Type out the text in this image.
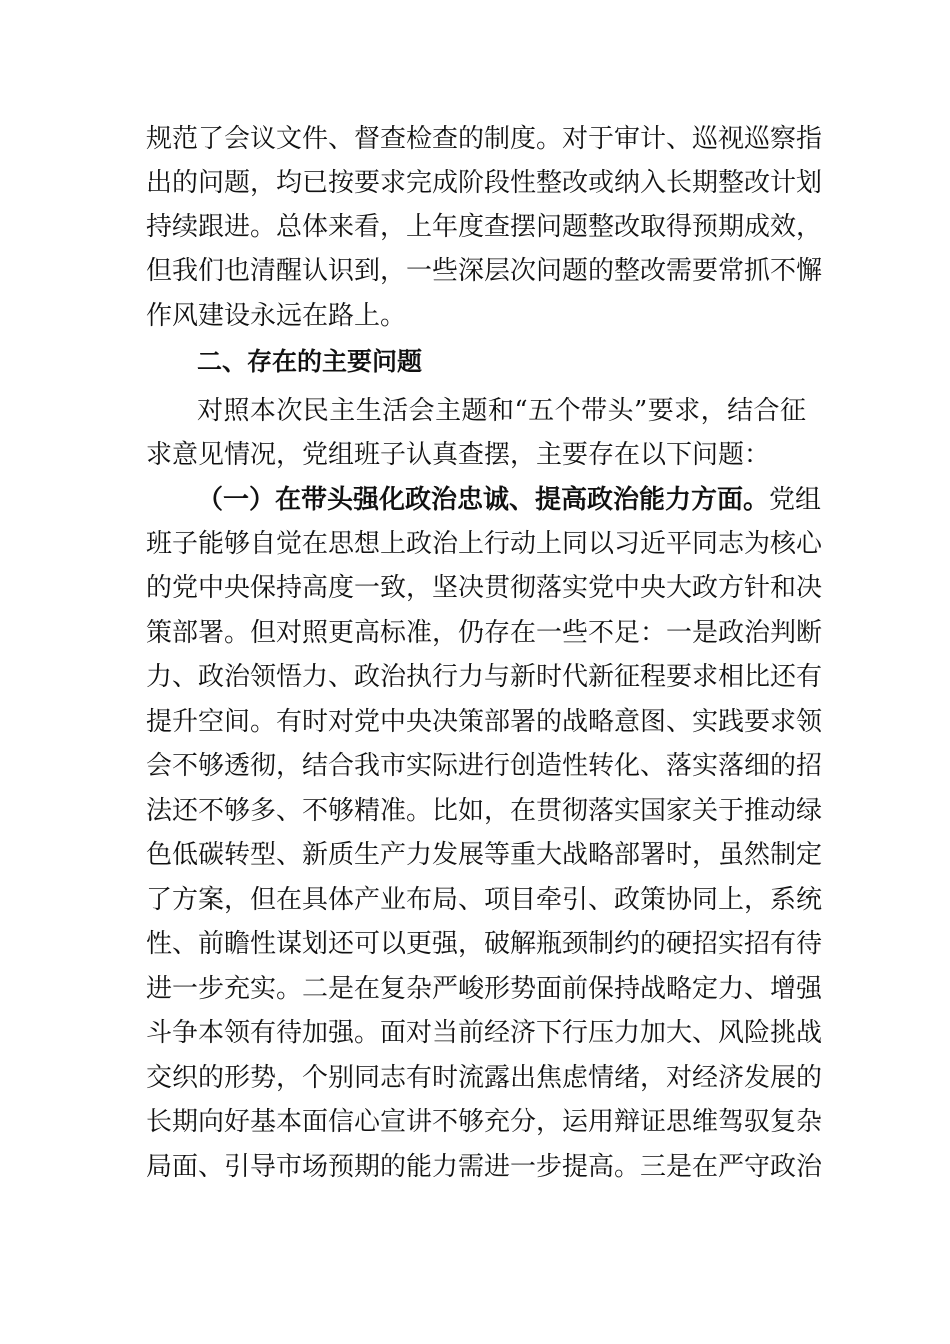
规范了会议文件、督查检查的制度。对于审计、巡视巡察指
出的问题，均已按要求完成阶段性整改或纳入长期整改计划
持续跟进。总体来看，上年度查摆问题整改取得预期成效，
但我们也清醒认识到，一些深层次问题的整改需要常抓不懈
作风建设永远在路上。
二、存在的主要问题
对照本次民主生活会主题和“五个带头”要求，结合征
求意见情况，党组班子认真查摆，主要存在以下问题：
（一）在带头强化政治忠诚、提高政治能力方面。党组
班子能够自觉在思想上政治上行动上同以习近平同志为核心
的党中央保持高度一致，坚决贯彻落实党中央大政方针和决
策部署。但对照更高标准，仍存在一些不足：一是政治判断
力、政治领悟力、政治执行力与新时代新征程要求相比还有
提升空间。有时对党中央决策部署的战略意图、实践要求领
会不够透彻，结合我市实际进行创造性转化、落实落细的招
法还不够多、不够精准。比如，在贯彻落实国家关于推动绿
色低碳转型、新质生产力发展等重大战略部署时，虽然制定
了方案，但在具体产业布局、项目牵引、政策协同上，系统
性、前瞻性谋划还可以更强，破解瓶颈制约的硬招实招有待
进一步充实。二是在复杂严峻形势面前保持战略定力、增强
斗争本领有待加强。面对当前经济下行压力加大、风险挑战
交织的形势，个别同志有时流露出焦虑情绪，对经济发展的
长期向好基本面信心宣讲不够充分，运用辩证思维驾驭复杂
局面、引导市场预期的能力需进一步提高。三是在严守政治
